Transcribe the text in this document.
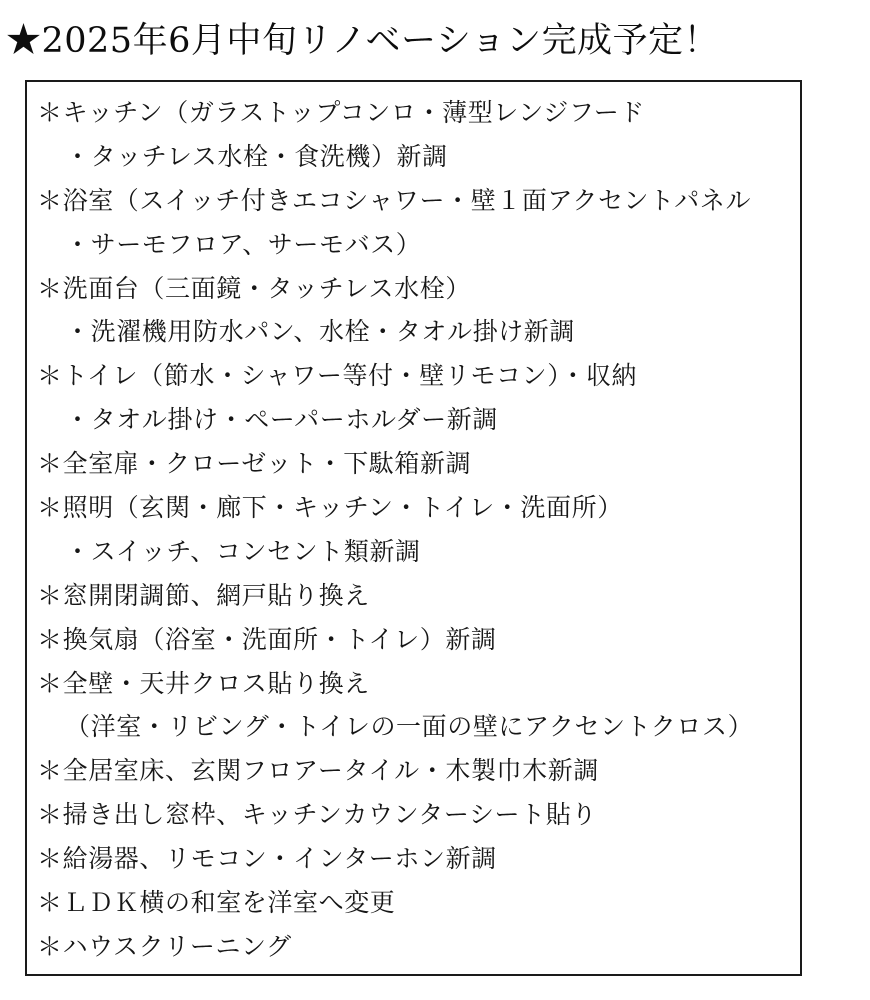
★2025年6月中旬リノベーション完成予定！
＊キッチン（ガラストップコンロ・薄型レンジフード
・タッチレス水栓・食洗機）新調
＊浴室（スイッチ付きエコシャワー・壁１面アクセントパネル
・サーモフロア、サーモバス）
＊洗面台（三面鏡・タッチレス水栓）
・洗濯機用防水パン、水栓・タオル掛け新調
＊トイレ（節水・シャワー等付・壁リモコン）・収納
・タオル掛け・ペーパーホルダー新調
＊全室扉・クローゼット・下駄箱新調
＊照明（玄関・廊下・キッチン・トイレ・洗面所）
・スイッチ、コンセント類新調
＊窓開閉調節、網戸貼り換え
＊換気扇（浴室・洗面所・トイレ）新調
＊全壁・天井クロス貼り換え
（洋室・リビング・トイレの一面の壁にアクセントクロス）
＊全居室床、玄関フロアータイル・木製巾木新調
＊掃き出し窓枠、キッチンカウンターシート貼り
＊給湯器、リモコン・インターホン新調
＊ＬＤＫ横の和室を洋室へ変更
＊ハウスクリーニング
